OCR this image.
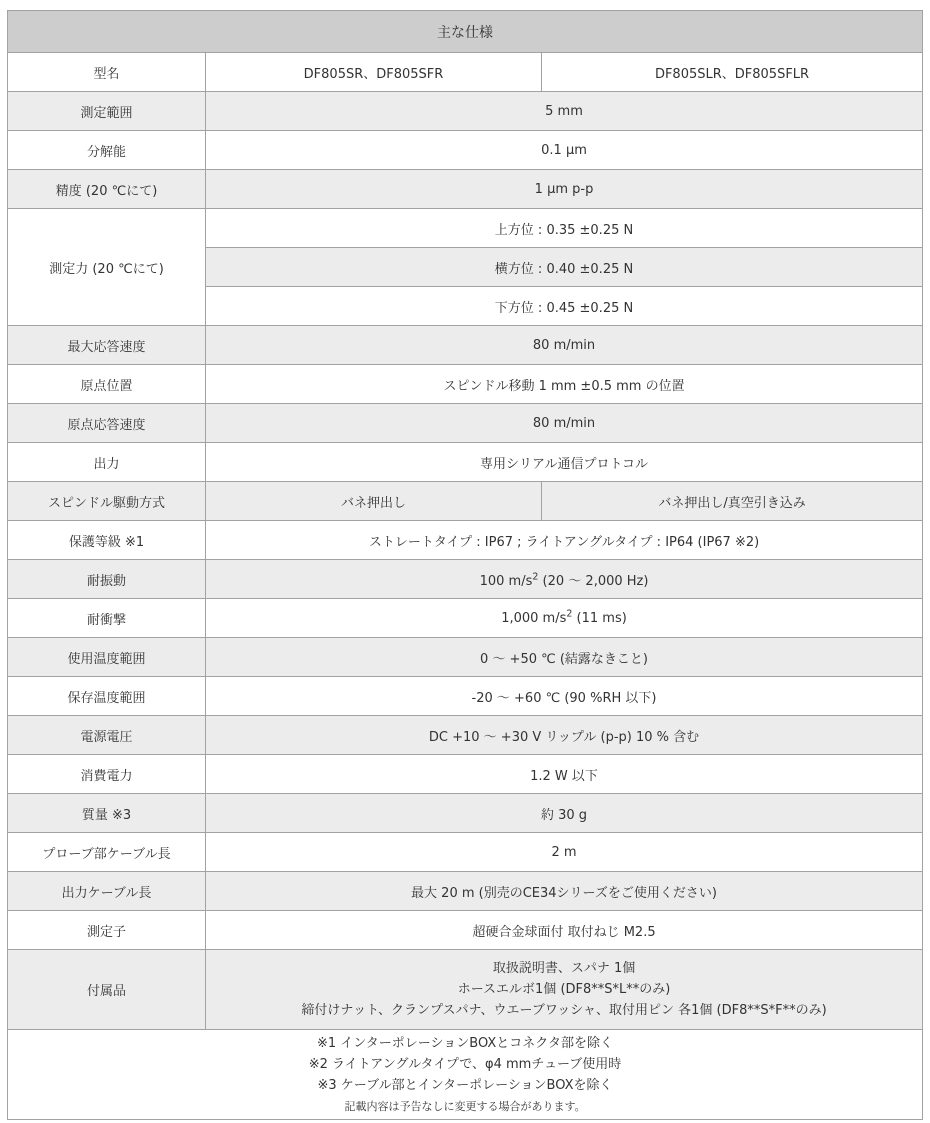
主な仕様		
型名	DF805SR、DF805SFR	DF805SLR、DF805SFLR
測定範囲	5 mm	
分解能	0.1 μm	
精度 (20 ℃にて)	1 μm p-p	
測定力 (20 ℃にて)	上方位 : 0.35 ±0.25 N	
	横方位 : 0.40 ±0.25 N	
	下方位 : 0.45 ±0.25 N	
最大応答速度	80 m/min	
原点位置	スピンドル移動 1 mm ±0.5 mm の位置	
原点応答速度	80 m/min	
出力	専用シリアル通信プロトコル	
スピンドル駆動方式	バネ押出し	バネ押出し/真空引き込み
保護等級 ※1	ストレートタイプ : IP67 ; ライトアングルタイプ : IP64 (IP67 ※2)	
耐振動	100 $m/s^2$ (20 ～ 2,000 Hz)	
耐衝撃	1,000 $m/s^2$ (11 ms)	
使用温度範囲	0 ～ +50 ℃ (結露なきこと)	
保存温度範囲	-20 ～ +60 ℃ (90 %RH 以下)	
電源電圧	DC +10 ～ +30 V リップル (p-p) 10 % 含む	
消費電力	1.2 W 以下	
質量 ※3	約 30 g	
プローブ部ケーブル長	2 m	
出力ケーブル長	最大 20 m (別売のCE34シリーズをご使用ください)	
測定子	超硬合金球面付 取付ねじ M2.5	
付属品	取扱説明書、スパナ 1個
ホースエルボ1個 (DF8**S*L**のみ)
締付けナット、クランプスパナ、ウエーブワッシャ、取付用ピン 各1個 (DF8**S*F**のみ)	

※1 インターポレーションBOXとコネクタ部を除く
※2 ライトアングルタイプで、φ4 mmチューブ使用時
※3 ケーブル部とインターポレーションBOXを除く
記載内容は予告なしに変更する場合があります。		
